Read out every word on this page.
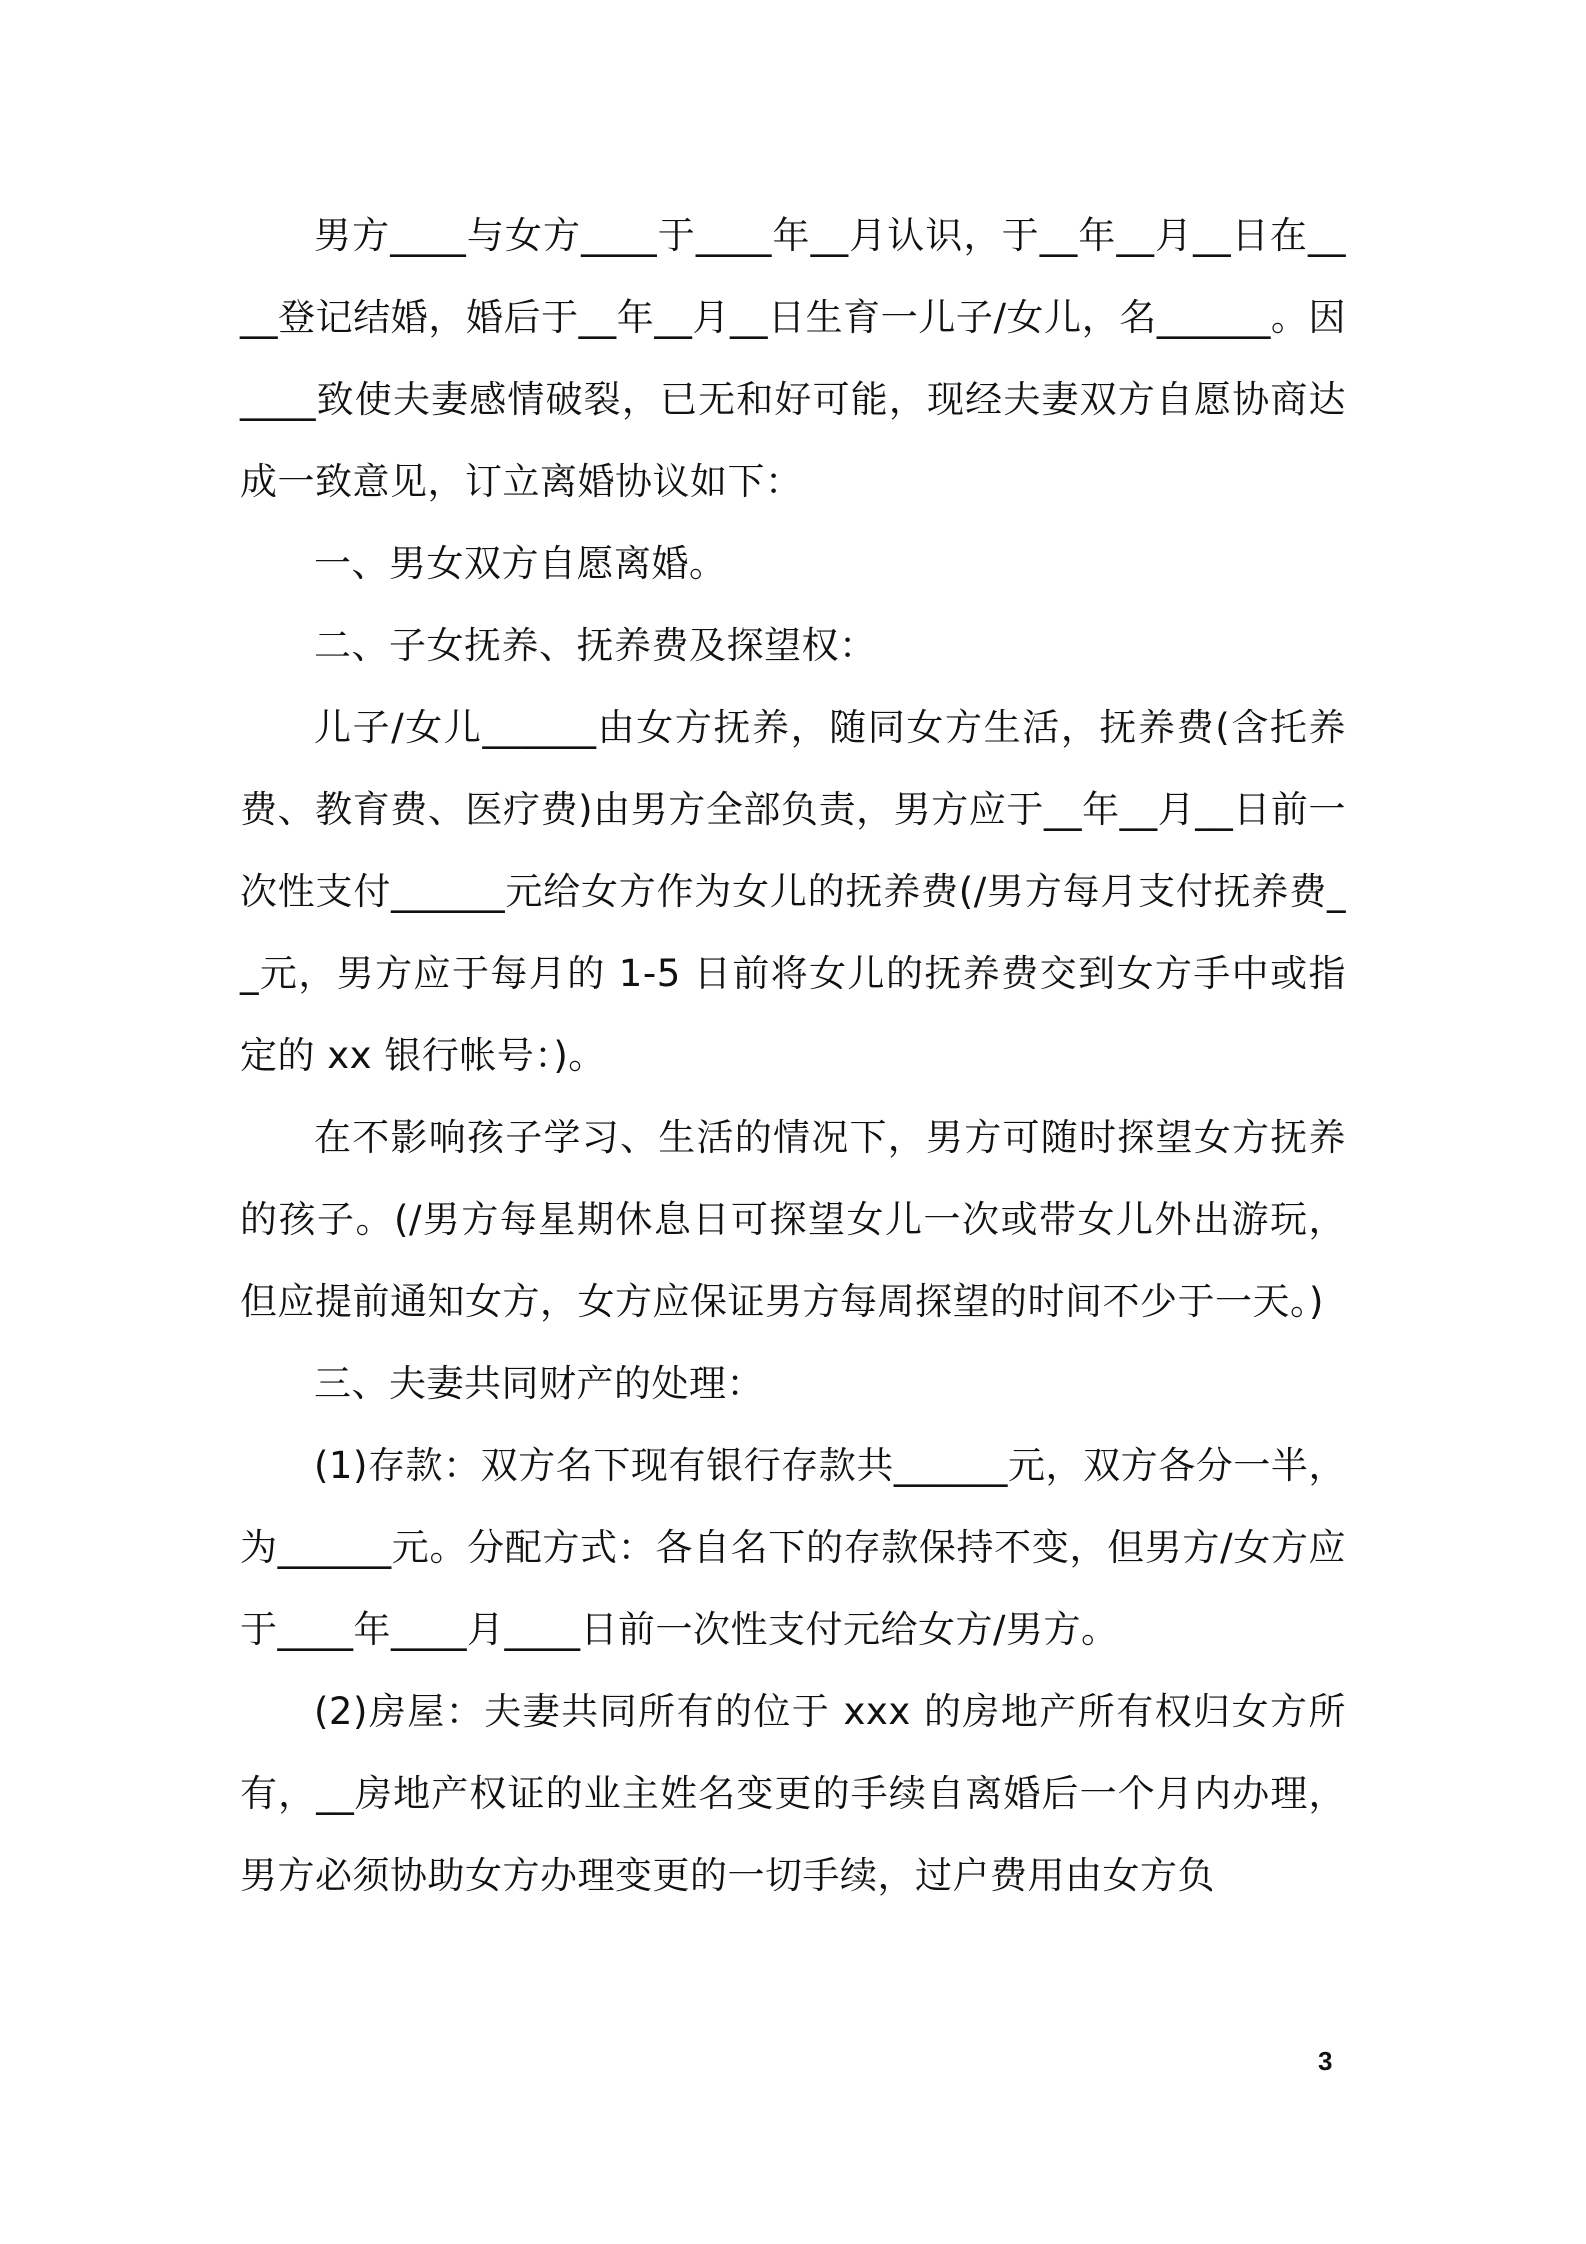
男方____与女方____于____年__月认识，于__年__月__日在____登记结婚，婚后于__年__月__日生育一儿子/女儿，名______。因____致使夫妻感情破裂，已无和好可能，现经夫妻双方自愿协商达成一致意见，订立离婚协议如下：

一、男女双方自愿离婚。

二、子女抚养、抚养费及探望权：

儿子/女儿______由女方抚养，随同女方生活，抚养费(含托养费、教育费、医疗费)由男方全部负责，男方应于__年__月__日前一次性支付______元给女方作为女儿的抚养费(/男方每月支付抚养费__元，男方应于每月的 1-5 日前将女儿的抚养费交到女方手中或指定的 xx 银行帐号：)。

在不影响孩子学习、生活的情况下，男方可随时探望女方抚养的孩子。(/男方每星期休息日可探望女儿一次或带女儿外出游玩，但应提前通知女方，女方应保证男方每周探望的时间不少于一天。)

三、夫妻共同财产的处理：

(1)存款：双方名下现有银行存款共______元，双方各分一半，为______元。分配方式：各自名下的存款保持不变，但男方/女方应于____年____月____日前一次性支付元给女方/男方。

(2)房屋：夫妻共同所有的位于 xxx 的房地产所有权归女方所有，__房地产权证的业主姓名变更的手续自离婚后一个月内办理，男方必须协助女方办理变更的一切手续，过户费用由女方负

3
